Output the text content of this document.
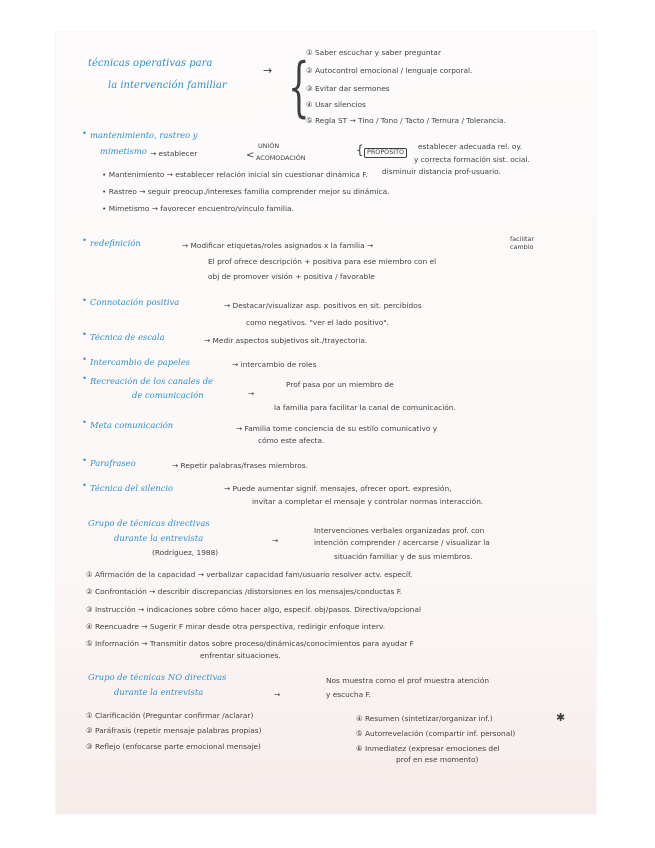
técnicas operativas para
la intervención familiar
→ {
① Saber escuchar y saber preguntar
② Autocontrol emocional / lenguaje corporal.
③ Evitar dar sermones
④ Usar silencios
⑤ Regla ST → Tino / Tono / Tacto / Ternura / Tolerancia.
• mantenimiento, rastreo y
mimetismo → establecer	<
UNIÓN
ACOMODACIÓN
{ PROPÓSITO
establecer adecuada rel. oy.
y correcta formación sist. ocial.
disminuir distancia prof-usuario.
• Mantenimiento → establecer relación inicial sin cuestionar dinámica F.
• Rastreo → seguir preocup./intereses familia comprender mejor su dinámica.
• Mimetismo → favorecer encuentro/vínculo familia.
• redefinición	→ Modificar etiquetas/roles asignados x la familia →
facilitar
cambio
El prof ofrece descripción + positiva para ese miembro con el
obj de promover visión + positiva / favorable
• Connotación positiva	→ Destacar/visualizar asp. positivos en sit. percibidos
como negativos. "ver el lado positivo".
• Técnica de escala	→ Medir aspectos subjetivos sit./trayectoria.
• Intercambio de papeles	→ intercambio de roles
• Recreación de los canales de
de comunicación	→
Prof pasa por un miembro de
la familia para facilitar la canal de comunicación.
• Meta comunicación	→ Familia tome conciencia de su estilo comunicativo y
cómo este afecta.
• Parafraseo	→ Repetir palabras/frases miembros.
• Técnica del silencio	→ Puede aumentar signif. mensajes, ofrecer oport. expresión,
invitar a completar el mensaje y controlar normas interacción.
Grupo de técnicas directivas
durante la entrevista
(Rodríguez, 1988)
→
Intervenciones verbales organizadas prof. con
intención comprender / acercarse / visualizar la
situación familiar y de sus miembros.
① Afirmación de la capacidad → verbalizar capacidad fam/usuario resolver actv. específ.
② Confrontación → describir discrepancias /distorsiones en los mensajes/conductas F.
③ Instrucción → indicaciones sobre cómo hacer algo, especif. obj/pasos. Directiva/opcional
④ Reencuadre → Sugerir F mirar desde otra perspectiva, redirigir enfoque interv.
⑤ Información → Transmitir datos sobre proceso/dinámicas/conocimientos para ayudar F
enfrentar situaciones.
Grupo de técnicas NO directivas
durante la entrevista	→
Nos muestra como el prof muestra atención
y escucha F.
① Clarificación (Preguntar confirmar /aclarar)
② Paráfrasis (repetir mensaje palabras propias)
③ Reflejo (enfocarse parte emocional mensaje)
④ Resumen (sintetizar/organizar inf.)
⑤ Autorrevelación (compartir inf. personal)
⑥ Inmediatez (expresar emociones del
prof en ese momento)
✱
